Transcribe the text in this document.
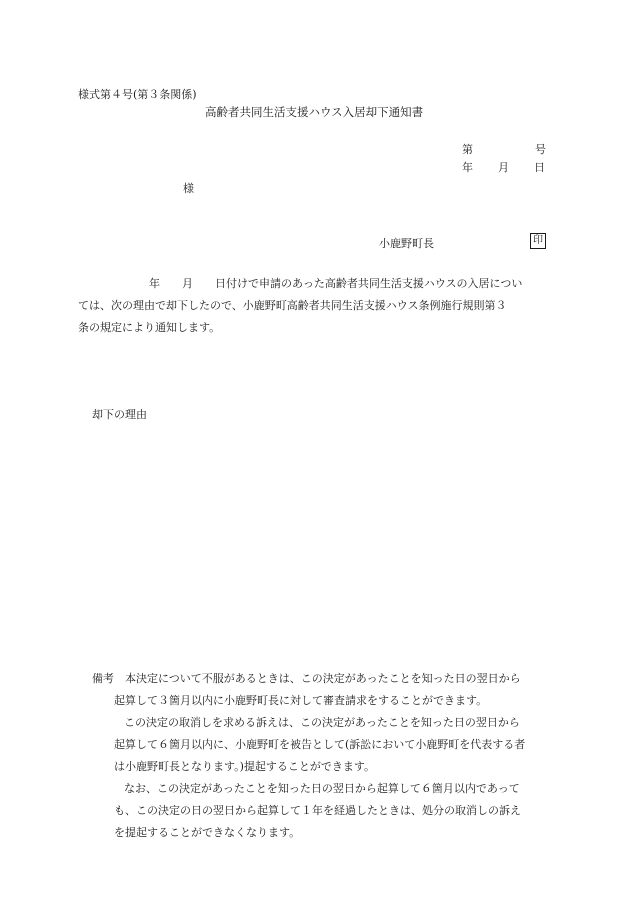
様式第４号(第３条関係)
高齢者共同生活支援ハウス入居却下通知書
第	号
年 月 日
様
小鹿野町長	印
年　　月　　日付けで申請のあった高齢者共同生活支援ハウスの入居につい
ては、次の理由で却下したので、小鹿野町高齢者共同生活支援ハウス条例施行規則第３
条の規定により通知します。
却下の理由
備考　本決定について不服があるときは、この決定があったことを知った日の翌日から
起算して３箇月以内に小鹿野町長に対して審査請求をすることができます。
この決定の取消しを求める訴えは、この決定があったことを知った日の翌日から
起算して６箇月以内に、小鹿野町を被告として(訴訟において小鹿野町を代表する者
は小鹿野町長となります。)提起することができます。
なお、この決定があったことを知った日の翌日から起算して６箇月以内であって
も、この決定の日の翌日から起算して１年を経過したときは、処分の取消しの訴え
を提起することができなくなります。
